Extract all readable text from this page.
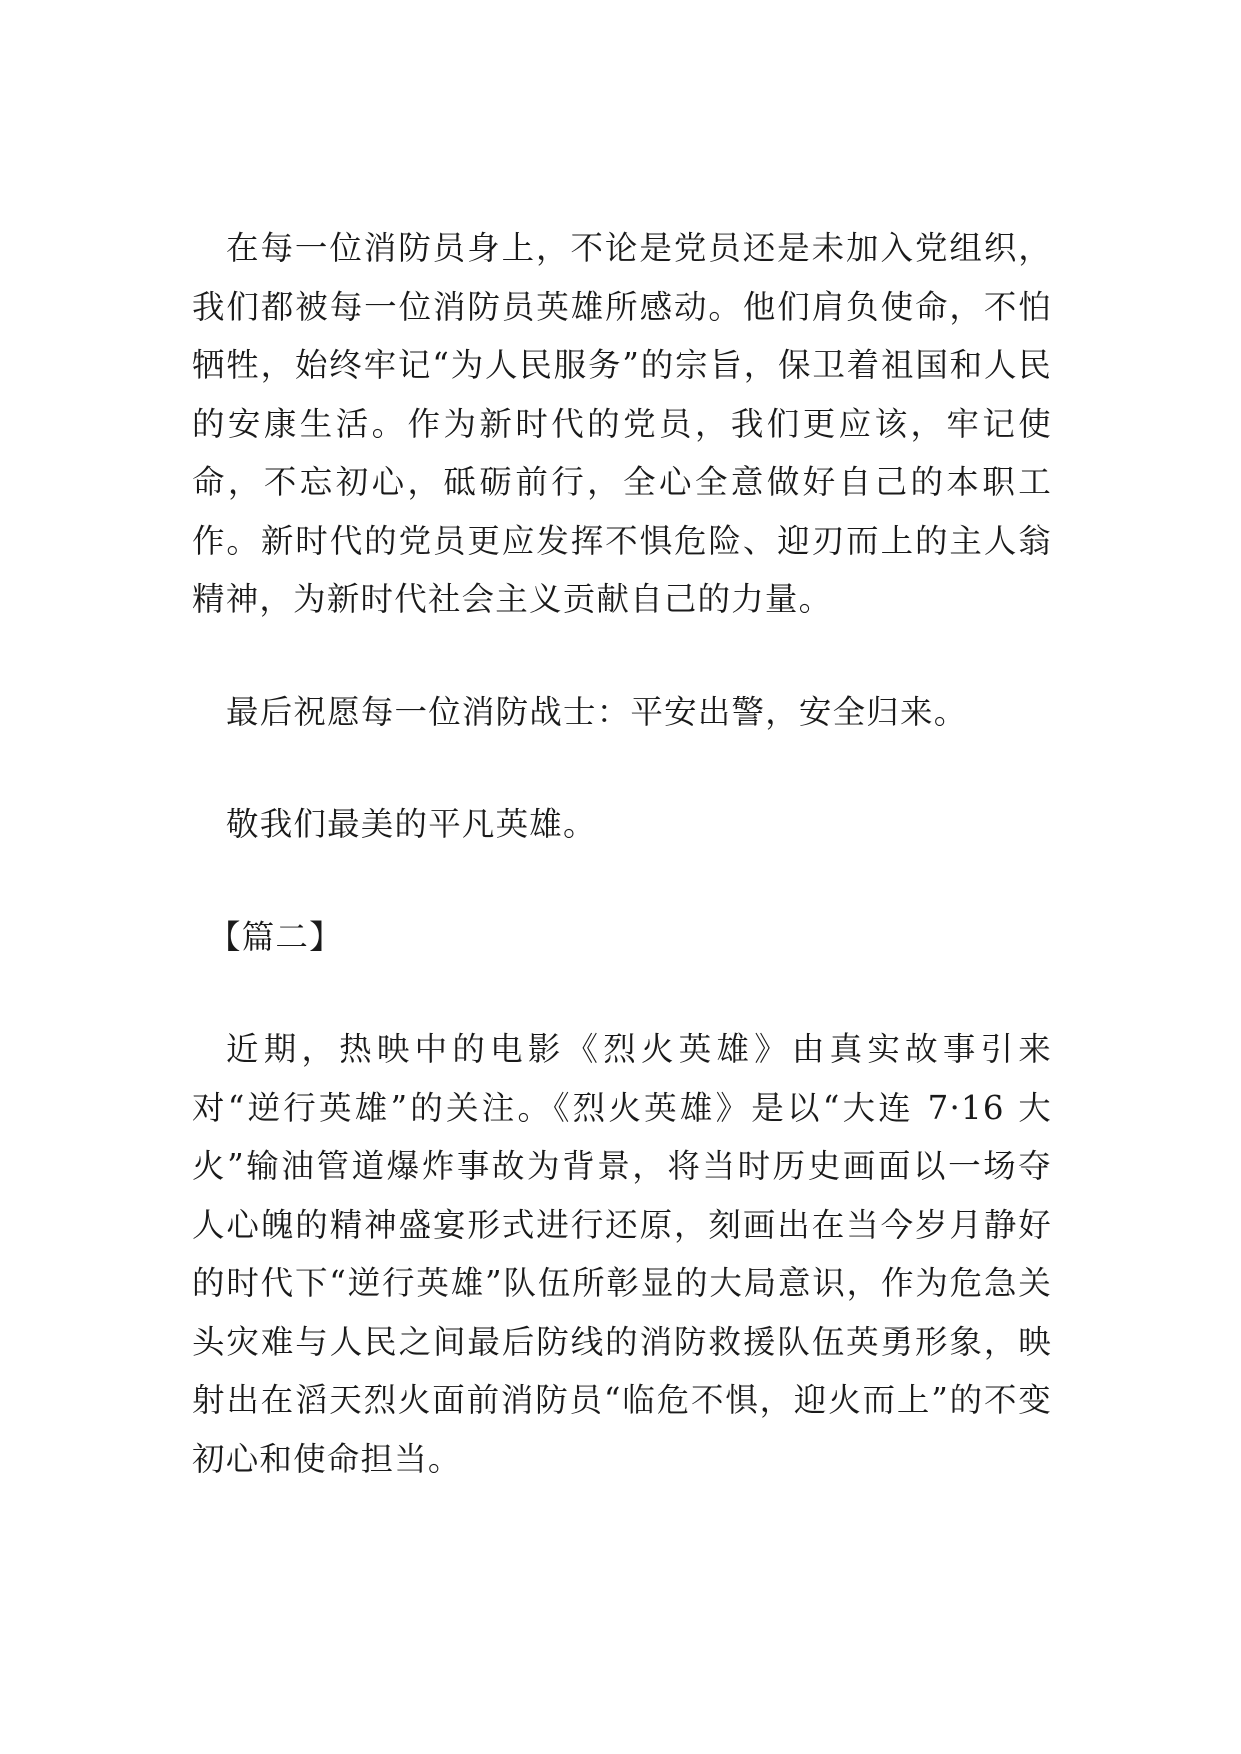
在每一位消防员身上，不论是党员还是未加入党组织，我们都被每一位消防员英雄所感动。他们肩负使命，不怕牺牲，始终牢记“为人民服务”的宗旨，保卫着祖国和人民的安康生活。作为新时代的党员，我们更应该，牢记使命，不忘初心，砥砺前行，全心全意做好自己的本职工作。新时代的党员更应发挥不惧危险、迎刃而上的主人翁精神，为新时代社会主义贡献自己的力量。

最后祝愿每一位消防战士：平安出警，安全归来。

敬我们最美的平凡英雄。

【篇二】

近期，热映中的电影《烈火英雄》由真实故事引来对“逆行英雄”的关注。《烈火英雄》是以“大连 7·16 大火”输油管道爆炸事故为背景，将当时历史画面以一场夺人心魄的精神盛宴形式进行还原，刻画出在当今岁月静好的时代下“逆行英雄”队伍所彰显的大局意识，作为危急关头灾难与人民之间最后防线的消防救援队伍英勇形象，映射出在滔天烈火面前消防员“临危不惧，迎火而上”的不变初心和使命担当。
